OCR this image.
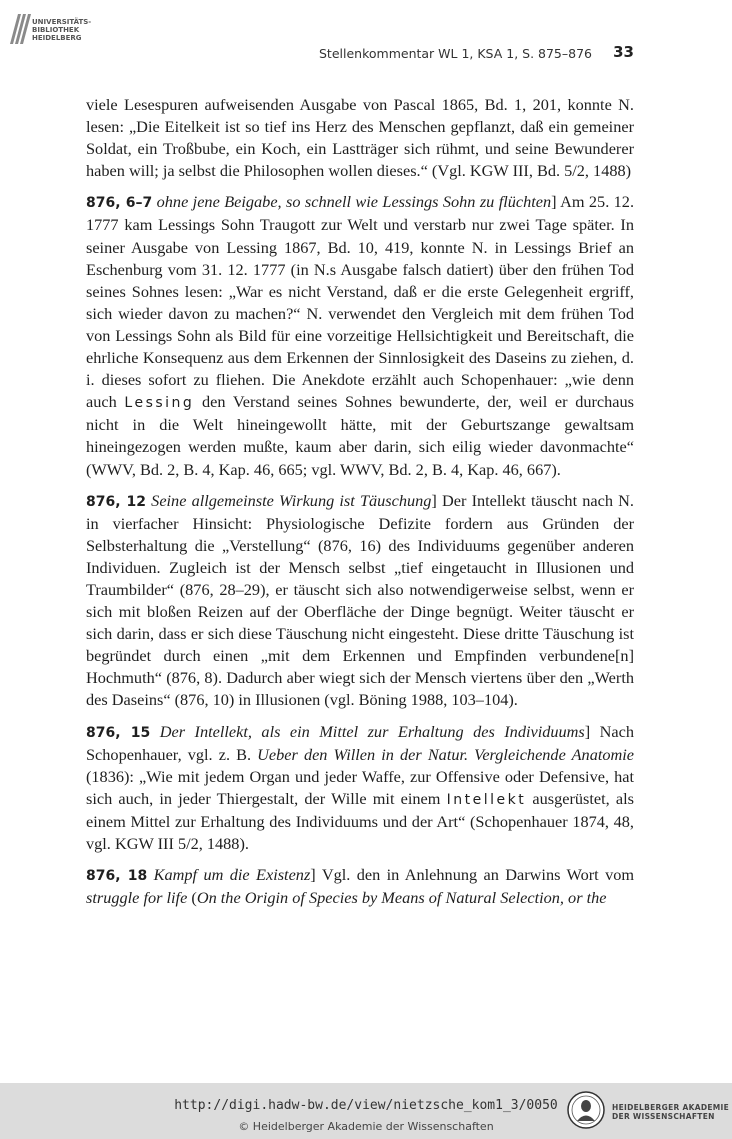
Stellenkommentar WL 1, KSA 1, S. 875–876 33

viele Lesespuren aufweisenden Ausgabe von Pascal 1865, Bd. 1, 201, konnte N. lesen: „Die Eitelkeit ist so tief ins Herz des Menschen gepflanzt, daß ein gemeiner Soldat, ein Troßbube, ein Koch, ein Lastträger sich rühmt, und seine Bewunderer haben will; ja selbst die Philosophen wollen dieses.“ (Vgl. KGW III, Bd. 5/2, 1488)

876, 6–7 ohne jene Beigabe, so schnell wie Lessings Sohn zu flüchten] Am 25. 12. 1777 kam Lessings Sohn Traugott zur Welt und verstarb nur zwei Tage später. In seiner Ausgabe von Lessing 1867, Bd. 10, 419, konnte N. in Lessings Brief an Eschenburg vom 31. 12. 1777 (in N.s Ausgabe falsch datiert) über den frühen Tod seines Sohnes lesen: „War es nicht Verstand, daß er die erste Gelegenheit ergriff, sich wieder davon zu machen?“ N. verwendet den Vergleich mit dem frühen Tod von Lessings Sohn als Bild für eine vorzeitige Hellsichtigkeit und Bereitschaft, die ehrliche Konsequenz aus dem Erkennen der Sinnlosigkeit des Daseins zu ziehen, d. i. dieses sofort zu fliehen. Die Anekdote erzählt auch Schopenhauer: „wie denn auch Lessing den Verstand seines Sohnes bewunderte, der, weil er durchaus nicht in die Welt hineingewollt hätte, mit der Geburtszange gewaltsam hineingezogen werden mußte, kaum aber darin, sich eilig wieder davonmachte“ (WWV, Bd. 2, B. 4, Kap. 46, 665; vgl. WWV, Bd. 2, B. 4, Kap. 46, 667).

876, 12 Seine allgemeinste Wirkung ist Täuschung] Der Intellekt täuscht nach N. in vierfacher Hinsicht: Physiologische Defizite fordern aus Gründen der Selbsterhaltung die „Verstellung“ (876, 16) des Individuums gegenüber anderen Individuen. Zugleich ist der Mensch selbst „tief eingetaucht in Illusionen und Traumbilder“ (876, 28–29), er täuscht sich also notwendigerweise selbst, wenn er sich mit bloßen Reizen auf der Oberfläche der Dinge begnügt. Weiter täuscht er sich darin, dass er sich diese Täuschung nicht eingesteht. Diese dritte Täuschung ist begründet durch einen „mit dem Erkennen und Empfinden verbundene[n] Hochmuth“ (876, 8). Dadurch aber wiegt sich der Mensch viertens über den „Werth des Daseins“ (876, 10) in Illusionen (vgl. Böning 1988, 103–104).

876, 15 Der Intellekt, als ein Mittel zur Erhaltung des Individuums] Nach Schopenhauer, vgl. z. B. Ueber den Willen in der Natur. Vergleichende Anatomie (1836): „Wie mit jedem Organ und jeder Waffe, zur Offensive oder Defensive, hat sich auch, in jeder Thiergestalt, der Wille mit einem Intellekt ausgerüstet, als einem Mittel zur Erhaltung des Individuums und der Art“ (Schopenhauer 1874, 48, vgl. KGW III 5/2, 1488).

876, 18 Kampf um die Existenz] Vgl. den in Anlehnung an Darwins Wort vom struggle for life (On the Origin of Species by Means of Natural Selection, or the

UNIVERSITÄTS-
BIBLIOTHEK
HEIDELBERG
http://digi.hadw-bw.de/view/nietzsche_kom1_3/0050
© Heidelberger Akademie der Wissenschaften
HEIDELBERGER AKADEMIE
DER WISSENSCHAFTEN
